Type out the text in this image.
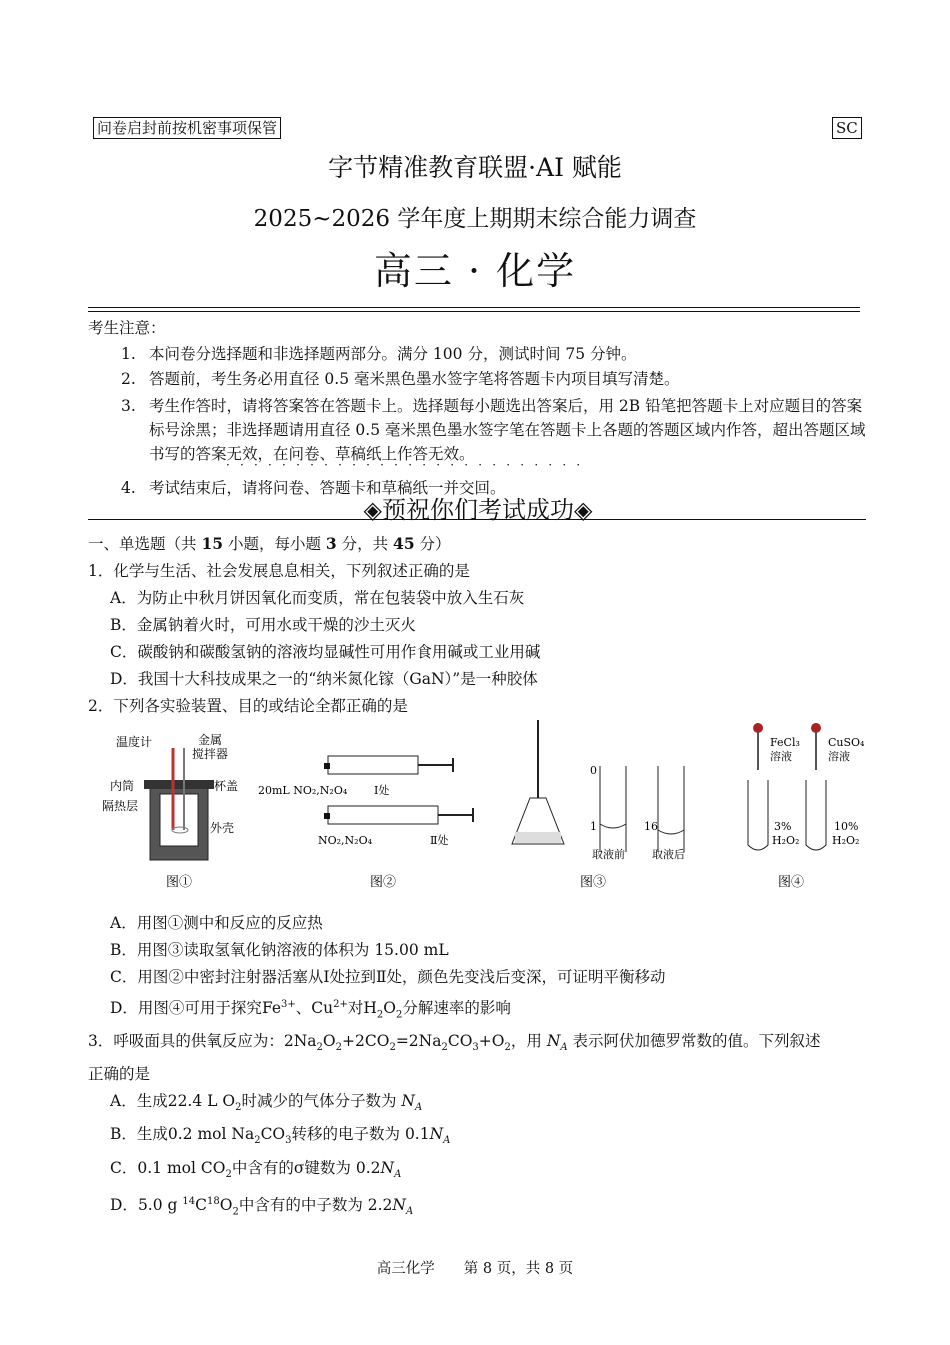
问卷启封前按机密事项保管	SC
字节精准教育联盟·AI 赋能
2025~2026 学年度上期期末综合能力调查
高三 · 化学
考生注意：
1. 本问卷分选择题和非选择题两部分。满分 100 分，测试时间 75 分钟。
2. 答题前，考生务必用直径 0.5 毫米黑色墨水签字笔将答题卡内项目填写清楚。
3. 考生作答时，请将答案答在答题卡上。选择题每小题选出答案后，用 2B 铅笔把答题卡上对应题目的答案标号涂黑；非选择题请用直径 0.5 毫米黑色墨水签字笔在答题卡上各题的答题区域内作答，超出答题区域书写的答案无效，在问卷、草稿纸上作答无效。
4. 考试结束后，请将问卷、答题卡和草稿纸一并交回。
··························
◈预祝你们考试成功◈
一、单选题（共 15 小题，每小题 3 分，共 45 分）
1．化学与生活、社会发展息息相关，下列叙述正确的是
A．为防止中秋月饼因氧化而变质，常在包装袋中放入生石灰
B．金属钠着火时，可用水或干燥的沙土灭火
C．碳酸钠和碳酸氢钠的溶液均显碱性可用作食用碱或工业用碱
D．我国十大科技成果之一的“纳米氮化镓（GaN）”是一种胶体
2．下列各实验装置、目的或结论全都正确的是
温度计	金属
搅拌器
杯盖
内筒
隔热层
外壳
图①
20mL NO₂,N₂O₄ Ⅰ处
NO₂,N₂O₄	Ⅱ处
图②
0
1	16
取液前 取液后
图③
FeCl₃
溶液
CuSO₄
溶液
3%
H₂O₂
10%
H₂O₂
图④
A．用图①测中和反应的反应热
B．用图③读取氢氧化钠溶液的体积为 15.00 mL
C．用图②中密封注射器活塞从Ⅰ处拉到Ⅱ处，颜色先变浅后变深，可证明平衡移动
D．用图④可用于探究$Fe^{3+}$、$Cu^{2+}$对$H_2O_2$分解速率的影响
3．呼吸面具的供氧反应为：$2Na_2O_2+2CO_2=2Na_2CO_3+O_2$，用 $N_A$ 表示阿伏加德罗常数的值。下列叙述
正确的是
A．生成22.4 L $O_2$时减少的气体分子数为 $N_A$
B．生成0.2 mol $Na_2CO_3$转移的电子数为 $0.1N_A$
C．0.1 mol $CO_2$中含有的σ键数为 $0.2N_A$
D．5.0 g $^{14}C^{18}O_2$中含有的中子数为 $2.2N_A$
高三化学　　第 8 页，共 8 页
